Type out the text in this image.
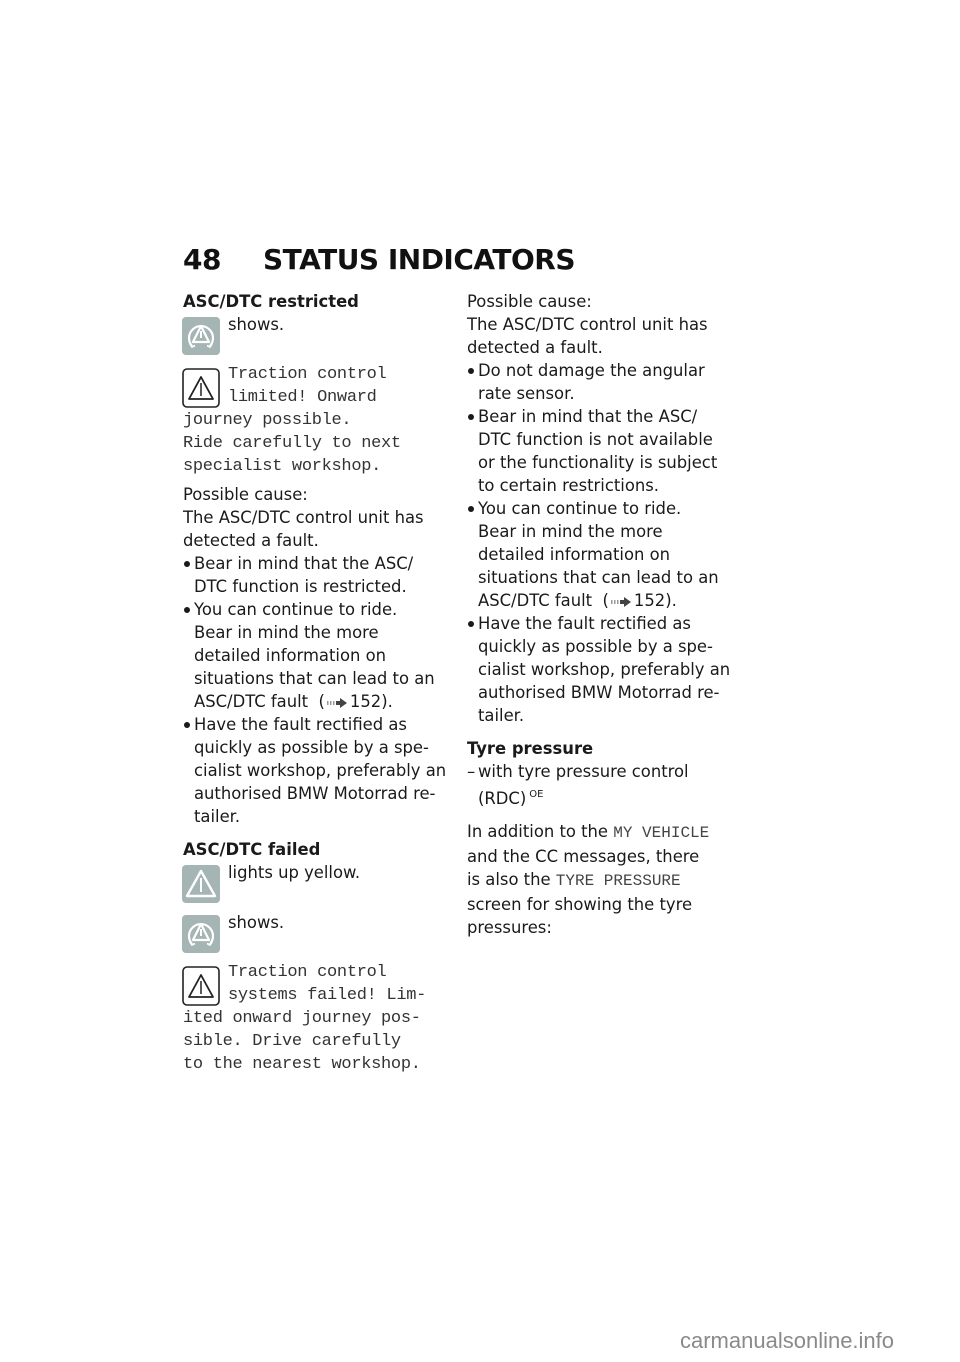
48 STATUS INDICATORS
ASC/DTC restricted
shows.
Traction control
limited! Onward
journey possible.
Ride carefully to next
specialist workshop.

Possible cause:

The ASC/DTC control unit has
detected a fault.

Bear in mind that the ASC/
DTC function is restricted.
You can continue to ride.
Bear in mind the more
detailed information on
situations that can lead to an
ASC/DTC fault  ( 152).
Have the fault rectified as
quickly as possible by a spe-
cialist workshop, preferably an
authorised BMW Motorrad re-
tailer.
ASC/DTC failed
lights up yellow.
shows.
Traction control
systems failed! Lim-
ited onward journey pos-
sible. Drive carefully
to the nearest workshop.

Possible cause:

The ASC/DTC control unit has
detected a fault.

Do not damage the angular
rate sensor.
Bear in mind that the ASC/
DTC function is not available
or the functionality is subject
to certain restrictions.
You can continue to ride.
Bear in mind the more
detailed information on
situations that can lead to an
ASC/DTC fault  ( 152).
Have the fault rectified as
quickly as possible by a spe-
cialist workshop, preferably an
authorised BMW Motorrad re-
tailer.
Tyre pressure
– with tyre pressure control
(RDC) $^{OE}$

In addition to the MY VEHICLE
and the CC messages, there
is also the TYRE PRESSURE
screen for showing the tyre
pressures:

carmanualsonline.info
